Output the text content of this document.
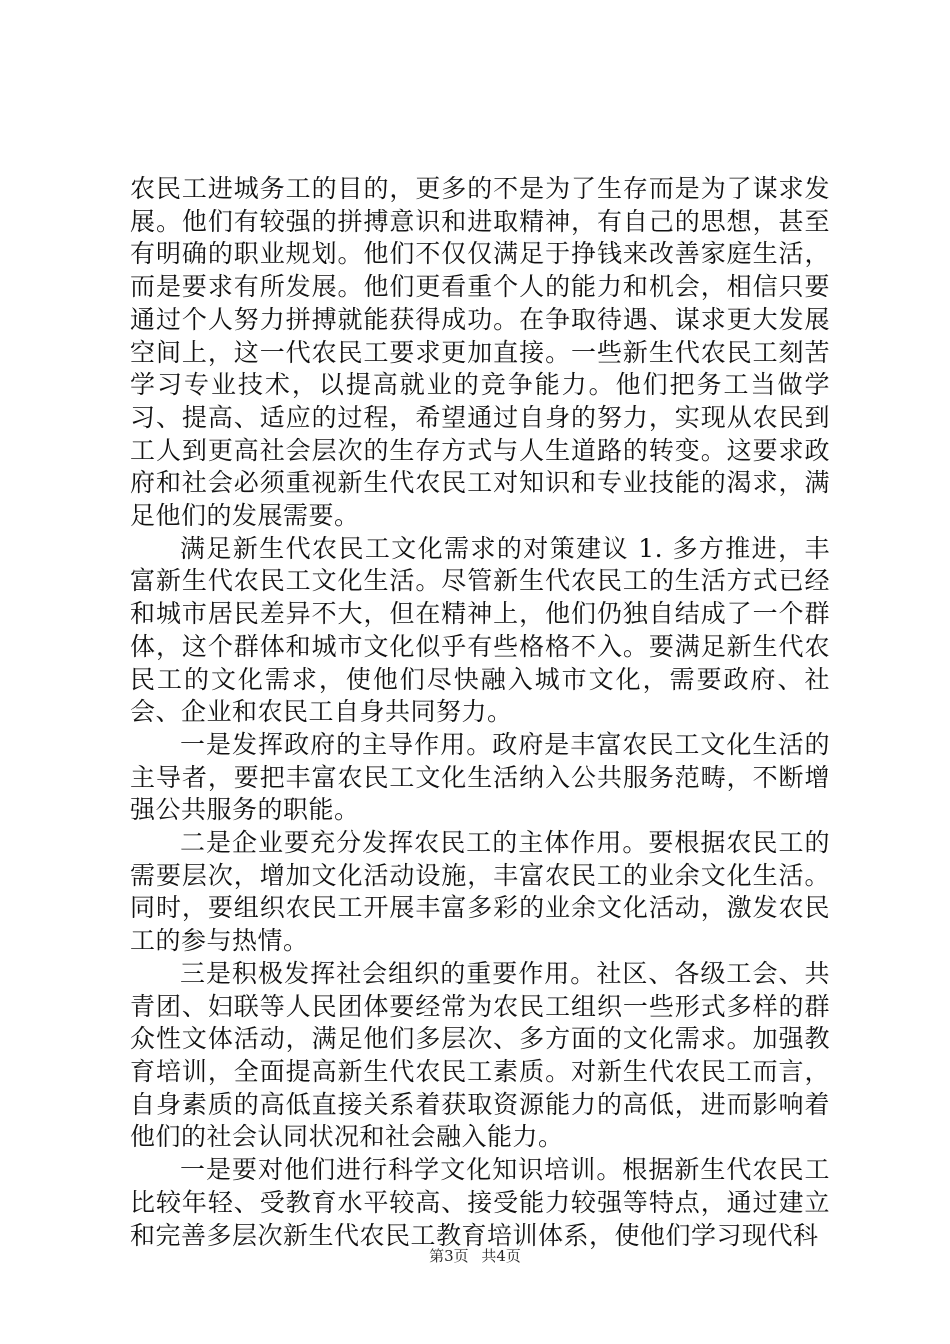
农民工进城务工的目的，更多的不是为了生存而是为了谋求发展。他们有较强的拼搏意识和进取精神，有自己的思想，甚至有明确的职业规划。他们不仅仅满足于挣钱来改善家庭生活，而是要求有所发展。他们更看重个人的能力和机会，相信只要通过个人努力拼搏就能获得成功。在争取待遇、谋求更大发展空间上，这一代农民工要求更加直接。一些新生代农民工刻苦学习专业技术，以提高就业的竞争能力。他们把务工当做学习、提高、适应的过程，希望通过自身的努力，实现从农民到工人到更高社会层次的生存方式与人生道路的转变。这要求政府和社会必须重视新生代农民工对知识和专业技能的渴求，满足他们的发展需要。

满足新生代农民工文化需求的对策建议 1. 多方推进，丰富新生代农民工文化生活。尽管新生代农民工的生活方式已经和城市居民差异不大，但在精神上，他们仍独自结成了一个群体，这个群体和城市文化似乎有些格格不入。要满足新生代农民工的文化需求，使他们尽快融入城市文化，需要政府、社会、企业和农民工自身共同努力。

一是发挥政府的主导作用。政府是丰富农民工文化生活的主导者，要把丰富农民工文化生活纳入公共服务范畴，不断增强公共服务的职能。

二是企业要充分发挥农民工的主体作用。要根据农民工的需要层次，增加文化活动设施，丰富农民工的业余文化生活。同时，要组织农民工开展丰富多彩的业余文化活动，激发农民工的参与热情。

三是积极发挥社会组织的重要作用。社区、各级工会、共青团、妇联等人民团体要经常为农民工组织一些形式多样的群众性文体活动，满足他们多层次、多方面的文化需求。加强教育培训，全面提高新生代农民工素质。对新生代农民工而言，自身素质的高低直接关系着获取资源能力的高低，进而影响着他们的社会认同状况和社会融入能力。

一是要对他们进行科学文化知识培训。根据新生代农民工比较年轻、受教育水平较高、接受能力较强等特点，通过建立和完善多层次新生代农民工教育培训体系，使他们学习现代科

第3页 共4页
